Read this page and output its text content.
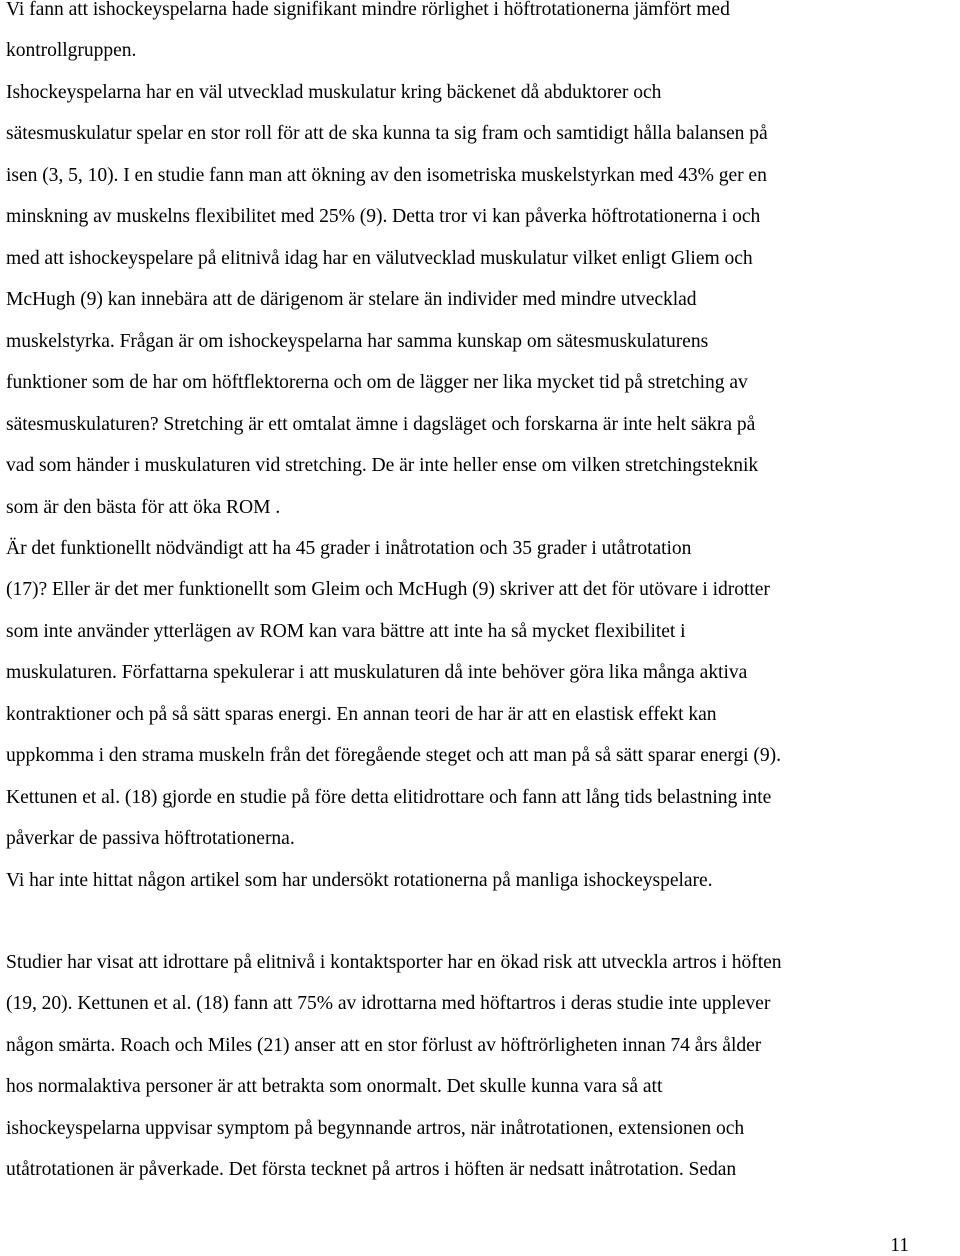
Vi fann att ishockeyspelarna hade signifikant mindre rörlighet i höftrotationerna jämfört med

kontrollgruppen.

Ishockeyspelarna har en väl utvecklad muskulatur kring bäckenet då abduktorer och

sätesmuskulatur spelar en stor roll för att de ska kunna ta sig fram och samtidigt hålla balansen på

isen (3, 5, 10). I en studie fann man att ökning av den isometriska muskelstyrkan med 43% ger en

minskning av muskelns flexibilitet med 25% (9). Detta tror vi kan påverka höftrotationerna i och

med att ishockeyspelare på elitnivå idag har en välutvecklad muskulatur vilket enligt Gliem och

McHugh (9) kan innebära att de därigenom är stelare än individer med mindre utvecklad

muskelstyrka. Frågan är om ishockeyspelarna har samma kunskap om sätesmuskulaturens

funktioner som de har om höftflektorerna och om de lägger ner lika mycket tid på stretching av

sätesmuskulaturen? Stretching är ett omtalat ämne i dagsläget och forskarna är inte helt säkra på

vad som händer i muskulaturen vid stretching. De är inte heller ense om vilken stretchingsteknik

som är den bästa för att öka ROM .

Är det funktionellt nödvändigt att ha 45 grader i inåtrotation och 35 grader i utåtrotation

(17)? Eller är det mer funktionellt som Gleim och McHugh (9) skriver att det för utövare i idrotter

som inte använder ytterlägen av ROM kan vara bättre att inte ha så mycket flexibilitet i

muskulaturen. Författarna spekulerar i att muskulaturen då inte behöver göra lika många aktiva

kontraktioner och på så sätt sparas energi. En annan teori de har är att en elastisk effekt kan

uppkomma i den strama muskeln från det föregående steget och att man på så sätt sparar energi (9).

Kettunen et al. (18) gjorde en studie på före detta elitidrottare och fann att lång tids belastning inte

påverkar de passiva höftrotationerna.

Vi har inte hittat någon artikel som har undersökt rotationerna på manliga ishockeyspelare.

Studier har visat att idrottare på elitnivå i kontaktsporter har en ökad risk att utveckla artros i höften

(19, 20). Kettunen et al. (18) fann att 75% av idrottarna med höftartros i deras studie inte upplever

någon smärta. Roach och Miles (21) anser att en stor förlust av höftrörligheten innan 74 års ålder

hos normalaktiva personer är att betrakta som onormalt. Det skulle kunna vara så att

ishockeyspelarna uppvisar symptom på begynnande artros, när inåtrotationen, extensionen och

utåtrotationen är påverkade. Det första tecknet på artros i höften är nedsatt inåtrotation. Sedan

11
